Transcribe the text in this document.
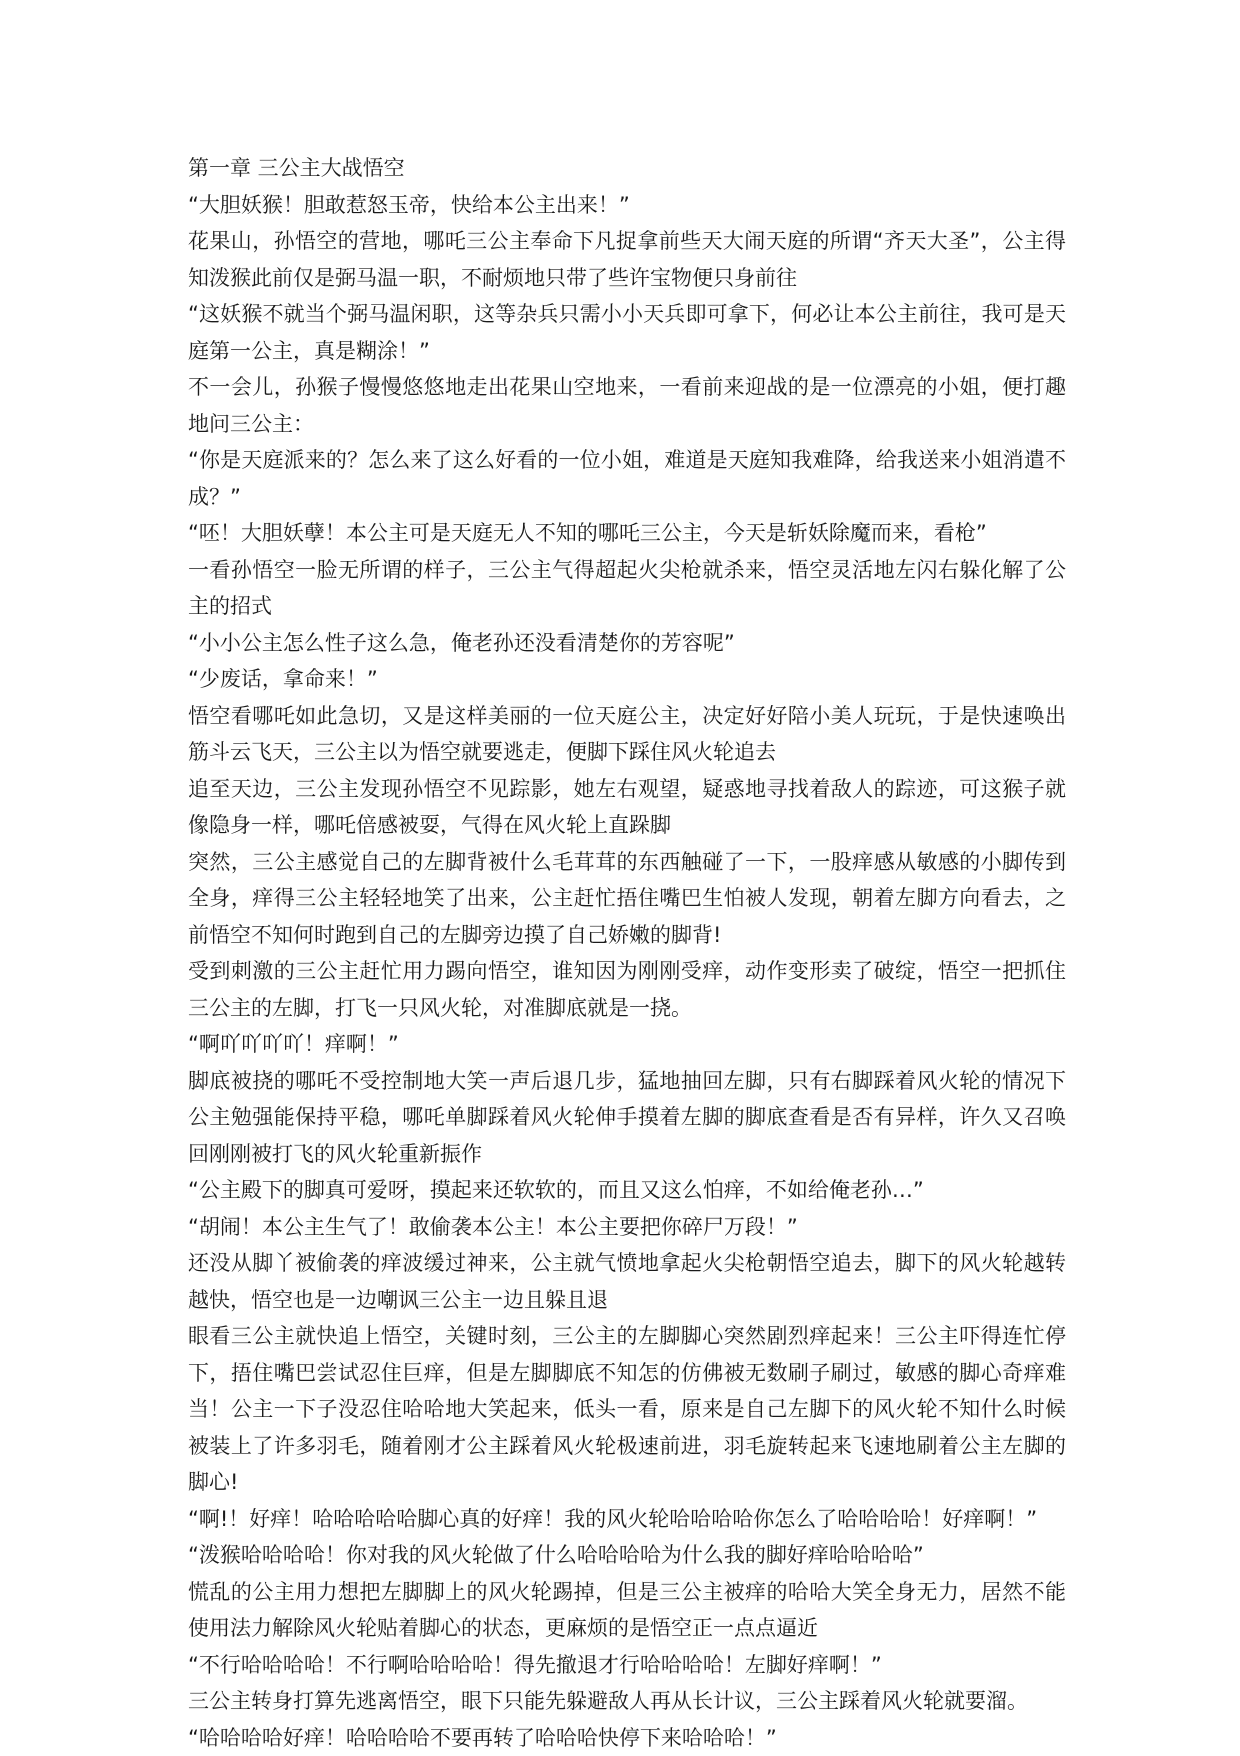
第一章 三公主大战悟空

“大胆妖猴！胆敢惹怒玉帝，快给本公主出来！”

花果山，孙悟空的营地，哪吒三公主奉命下凡捉拿前些天大闹天庭的所谓“齐天大圣”，公主得知泼猴此前仅是弼马温一职，不耐烦地只带了些许宝物便只身前往

“这妖猴不就当个弼马温闲职，这等杂兵只需小小天兵即可拿下，何必让本公主前往，我可是天庭第一公主，真是糊涂！”

不一会儿，孙猴子慢慢悠悠地走出花果山空地来，一看前来迎战的是一位漂亮的小姐，便打趣地问三公主：

“你是天庭派来的？怎么来了这么好看的一位小姐，难道是天庭知我难降，给我送来小姐消遣不成？”

“呸！大胆妖孽！本公主可是天庭无人不知的哪吒三公主，今天是斩妖除魔而来，看枪”

一看孙悟空一脸无所谓的样子，三公主气得超起火尖枪就杀来，悟空灵活地左闪右躲化解了公主的招式

“小小公主怎么性子这么急，俺老孙还没看清楚你的芳容呢”

“少废话，拿命来！”

悟空看哪吒如此急切，又是这样美丽的一位天庭公主，决定好好陪小美人玩玩，于是快速唤出筋斗云飞天，三公主以为悟空就要逃走，便脚下踩住风火轮追去

追至天边，三公主发现孙悟空不见踪影，她左右观望，疑惑地寻找着敌人的踪迹，可这猴子就像隐身一样，哪吒倍感被耍，气得在风火轮上直跺脚

突然，三公主感觉自己的左脚背被什么毛茸茸的东西触碰了一下，一股痒感从敏感的小脚传到全身，痒得三公主轻轻地笑了出来，公主赶忙捂住嘴巴生怕被人发现，朝着左脚方向看去，之前悟空不知何时跑到自己的左脚旁边摸了自己娇嫩的脚背!

受到刺激的三公主赶忙用力踢向悟空，谁知因为刚刚受痒，动作变形卖了破绽，悟空一把抓住三公主的左脚，打飞一只风火轮，对准脚底就是一挠。

“啊吖吖吖吖！痒啊！”

脚底被挠的哪吒不受控制地大笑一声后退几步，猛地抽回左脚，只有右脚踩着风火轮的情况下公主勉强能保持平稳，哪吒单脚踩着风火轮伸手摸着左脚的脚底查看是否有异样，许久又召唤回刚刚被打飞的风火轮重新振作

“公主殿下的脚真可爱呀，摸起来还软软的，而且又这么怕痒，不如给俺老孙…”

“胡闹！本公主生气了！敢偷袭本公主！本公主要把你碎尸万段！”

还没从脚丫被偷袭的痒波缓过神来，公主就气愤地拿起火尖枪朝悟空追去，脚下的风火轮越转越快，悟空也是一边嘲讽三公主一边且躲且退

眼看三公主就快追上悟空，关键时刻，三公主的左脚脚心突然剧烈痒起来！三公主吓得连忙停下，捂住嘴巴尝试忍住巨痒，但是左脚脚底不知怎的仿佛被无数刷子刷过，敏感的脚心奇痒难当！公主一下子没忍住哈哈地大笑起来，低头一看，原来是自己左脚下的风火轮不知什么时候被装上了许多羽毛，随着刚才公主踩着风火轮极速前进，羽毛旋转起来飞速地刷着公主左脚的脚心!

“啊!！好痒！哈哈哈哈哈脚心真的好痒！我的风火轮哈哈哈哈你怎么了哈哈哈哈！好痒啊！”

“泼猴哈哈哈哈！你对我的风火轮做了什么哈哈哈哈为什么我的脚好痒哈哈哈哈”

慌乱的公主用力想把左脚脚上的风火轮踢掉，但是三公主被痒的哈哈大笑全身无力，居然不能使用法力解除风火轮贴着脚心的状态，更麻烦的是悟空正一点点逼近

“不行哈哈哈哈！不行啊哈哈哈哈！得先撤退才行哈哈哈哈！左脚好痒啊！”

三公主转身打算先逃离悟空，眼下只能先躲避敌人再从长计议，三公主踩着风火轮就要溜。

“哈哈哈哈好痒！哈哈哈哈不要再转了哈哈哈快停下来哈哈哈！”
